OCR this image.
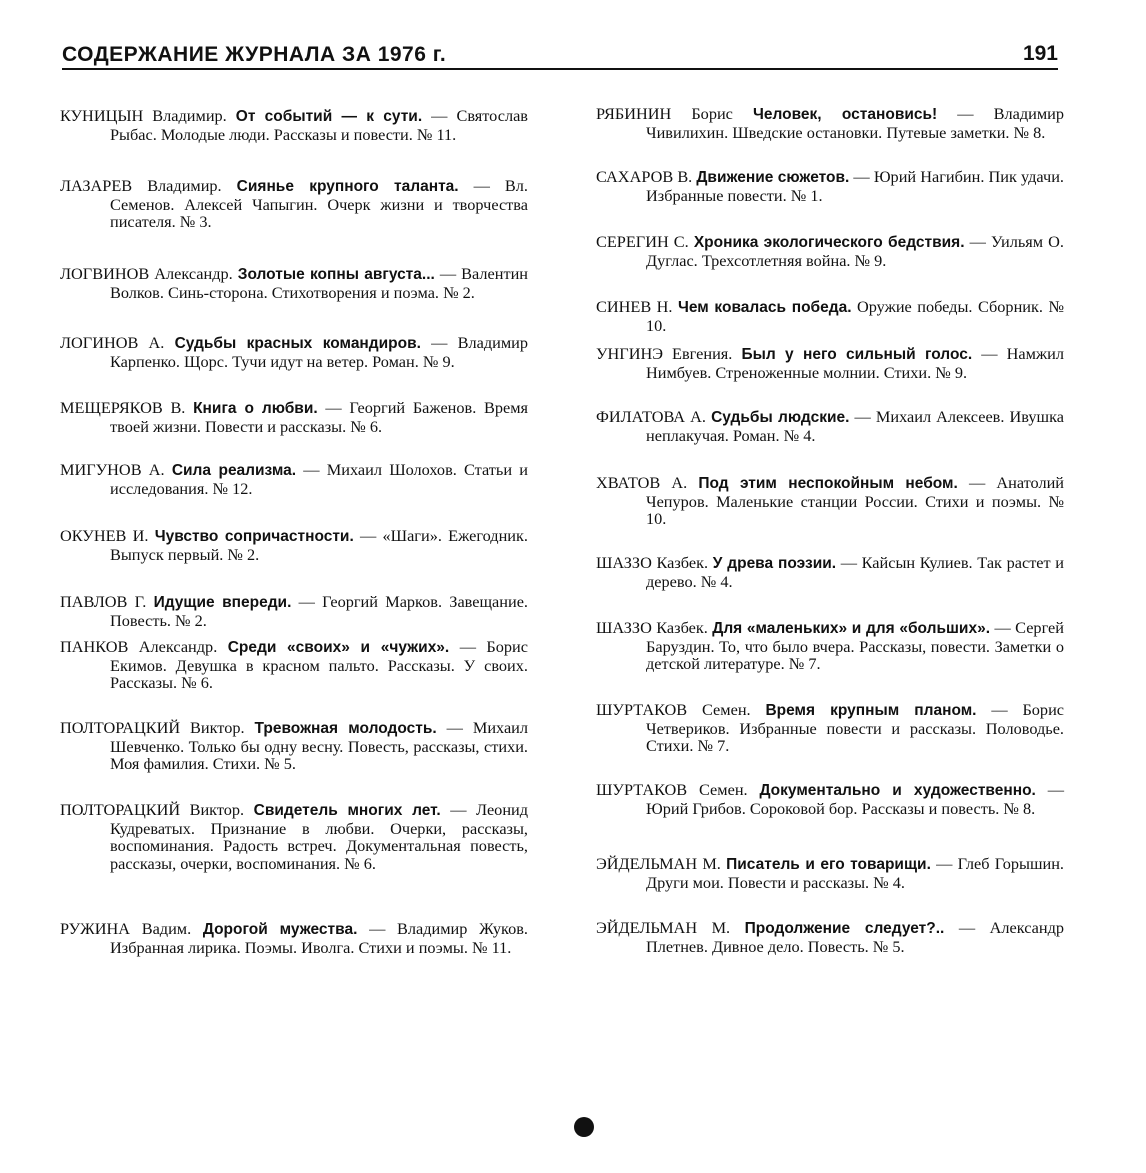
СОДЕРЖАНИЕ ЖУРНАЛА ЗА 1976 г.	191
КУНИЦЫН Владимир. От событий — к сути. — Святослав Рыбас. Молодые люди. Рассказы и повести. № 11.
ЛАЗАРЕВ Владимир. Сиянье крупного таланта. — Вл. Семенов. Алексей Чапыгин. Очерк жизни и творчества писателя. № 3.
ЛОГВИНОВ Александр. Золотые копны августа... — Валентин Волков. Синь-сторона. Стихотворения и поэма. № 2.
ЛОГИНОВ А. Судьбы красных командиров. — Владимир Карпенко. Щорс. Тучи идут на ветер. Роман. № 9.
МЕЩЕРЯКОВ В. Книга о любви. — Георгий Баженов. Время твоей жизни. Повести и рассказы. № 6.
МИГУНОВ А. Сила реализма. — Михаил Шолохов. Статьи и исследования. № 12.
ОКУНЕВ И. Чувство сопричастности. — «Шаги». Ежегодник. Выпуск первый. № 2.
ПАВЛОВ Г. Идущие впереди. — Георгий Марков. Завещание. Повесть. № 2.
ПАНКОВ Александр. Среди «своих» и «чужих». — Борис Екимов. Девушка в красном пальто. Рассказы. У своих. Рассказы. № 6.
ПОЛТОРАЦКИЙ Виктор. Тревожная молодость. — Михаил Шевченко. Только бы одну весну. Повесть, рассказы, стихи. Моя фамилия. Стихи. № 5.
ПОЛТОРАЦКИЙ Виктор. Свидетель многих лет. — Леонид Кудреватых. Признание в любви. Очерки, рассказы, воспоминания. Радость встреч. Документальная повесть, рассказы, очерки, воспоминания. № 6.
РУЖИНА Вадим. Дорогой мужества. — Владимир Жуков. Избранная лирика. Поэмы. Иволга. Стихи и поэмы. № 11.
РЯБИНИН Борис Человек, остановись! — Владимир Чивилихин. Шведские остановки. Путевые заметки. № 8.
САХАРОВ В. Движение сюжетов. — Юрий Нагибин. Пик удачи. Избранные повести. № 1.
СЕРЕГИН С. Хроника экологического бедствия. — Уильям О. Дуглас. Трехсотлетняя война. № 9.
СИНЕВ Н. Чем ковалась победа. Оружие победы. Сборник. № 10.
УНГИНЭ Евгения. Был у него сильный голос. — Намжил Нимбуев. Стреноженные молнии. Стихи. № 9.
ФИЛАТОВА А. Судьбы людские. — Михаил Алексеев. Ивушка неплакучая. Роман. № 4.
ХВАТОВ А. Под этим неспокойным небом. — Анатолий Чепуров. Маленькие станции России. Стихи и поэмы. № 10.
ШАЗЗО Казбек. У древа поэзии. — Кайсын Кулиев. Так растет и дерево. № 4.
ШАЗЗО Казбек. Для «маленьких» и для «больших». — Сергей Баруздин. То, что было вчера. Рассказы, повести. Заметки о детской литературе. № 7.
ШУРТАКОВ Семен. Время крупным планом. — Борис Четвериков. Избранные повести и рассказы. Половодье. Стихи. № 7.
ШУРТАКОВ Семен. Документально и художественно. — Юрий Грибов. Сороковой бор. Рассказы и повесть. № 8.
ЭЙДЕЛЬМАН М. Писатель и его товарищи. — Глеб Горышин. Други мои. Повести и рассказы. № 4.
ЭЙДЕЛЬМАН М. Продолжение следует?.. — Александр Плетнев. Дивное дело. Повесть. № 5.
